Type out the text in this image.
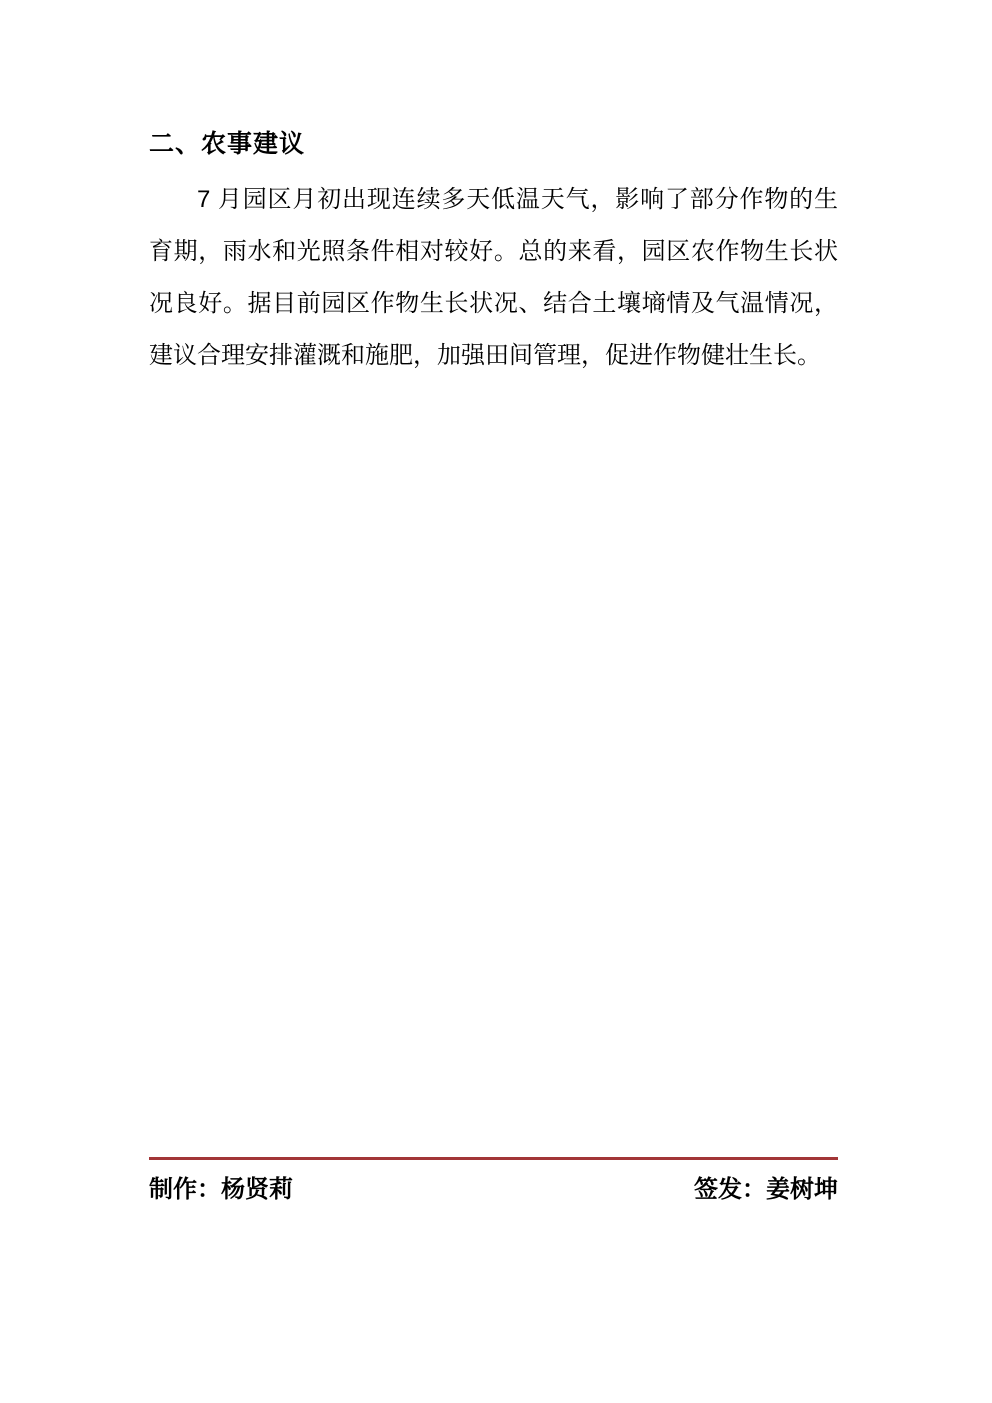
二、农事建议

7 月园区月初出现连续多天低温天气，影响了部分作物的生育期，雨水和光照条件相对较好。总的来看，园区农作物生长状况良好。据目前园区作物生长状况、结合土壤墒情及气温情况，建议合理安排灌溉和施肥，加强田间管理，促进作物健壮生长。

制作：杨贤莉	签发：姜树坤
